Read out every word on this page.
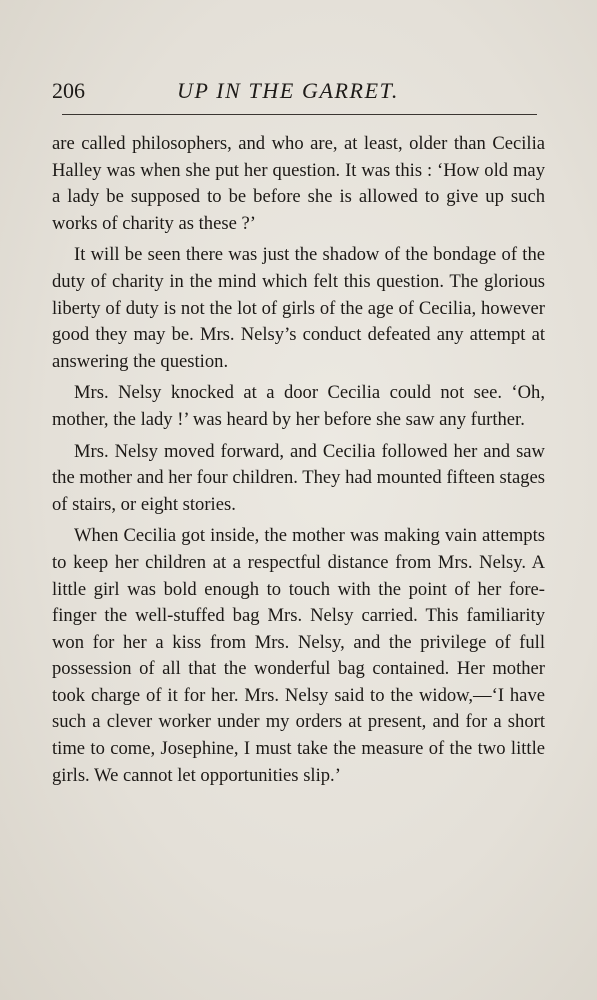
206	UP IN THE GARRET.

are called philosophers, and who are, at least, older than Cecilia Halley was when she put her question. It was this : ‘How old may a lady be supposed to be before she is allowed to give up such works of charity as these ?’

It will be seen there was just the shadow of the bondage of the duty of charity in the mind which felt this question. The glorious liberty of duty is not the lot of girls of the age of Cecilia, however good they may be. Mrs. Nelsy’s conduct defeated any attempt at answering the question.

Mrs. Nelsy knocked at a door Cecilia could not see. ‘Oh, mother, the lady !’ was heard by her before she saw any further.

Mrs. Nelsy moved forward, and Cecilia followed her and saw the mother and her four children. They had mounted fifteen stages of stairs, or eight stories.

When Cecilia got inside, the mother was making vain attempts to keep her children at a respectful distance from Mrs. Nelsy. A little girl was bold enough to touch with the point of her fore-finger the well-stuffed bag Mrs. Nelsy carried. This familiarity won for her a kiss from Mrs. Nelsy, and the privilege of full possession of all that the wonderful bag contained. Her mother took charge of it for her. Mrs. Nelsy said to the widow,—‘I have such a clever worker under my orders at present, and for a short time to come, Josephine, I must take the measure of the two little girls. We cannot let opportunities slip.’
